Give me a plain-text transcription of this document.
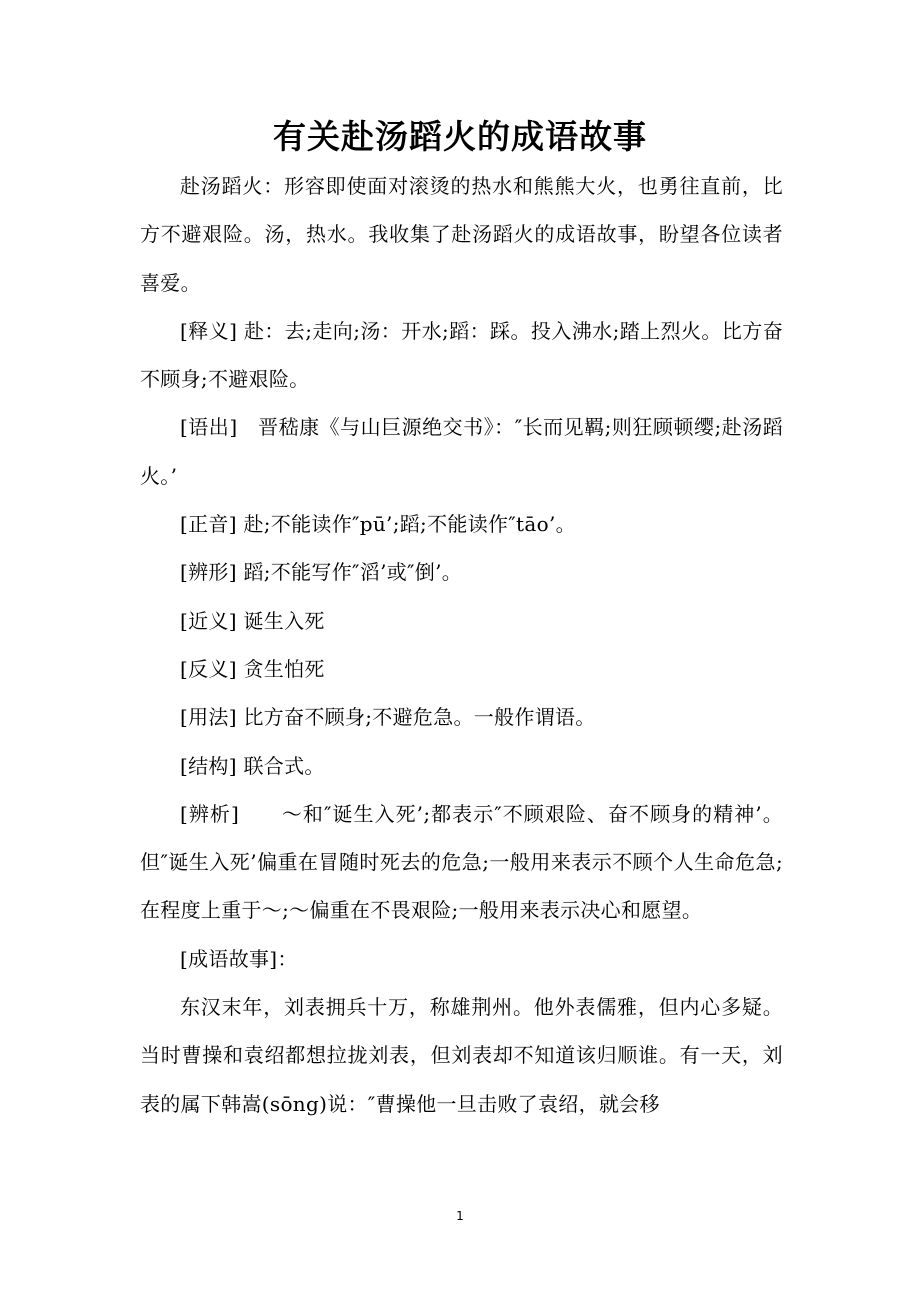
有关赴汤蹈火的成语故事

赴汤蹈火：形容即使面对滚烫的热水和熊熊大火，也勇往直前，比方不避艰险。汤，热水。我收集了赴汤蹈火的成语故事，盼望各位读者喜爱。

[释义] 赴：去;走向;汤：开水;蹈：踩。投入沸水;踏上烈火。比方奋不顾身;不避艰险。

[语出]　晋嵇康《与山巨源绝交书》：″长而见羁;则狂顾顿缨;赴汤蹈火。’

[正音] 赴;不能读作″pū’;蹈;不能读作″tāo’。

[辨形] 蹈;不能写作″滔’或″倒’。

[近义] 诞生入死

[反义] 贪生怕死

[用法] 比方奋不顾身;不避危急。一般作谓语。

[结构] 联合式。

[辨析]　　～和″诞生入死’;都表示″不顾艰险、奋不顾身的精神’。但″诞生入死’偏重在冒随时死去的危急;一般用来表示不顾个人生命危急;在程度上重于～;～偏重在不畏艰险;一般用来表示决心和愿望。

[成语故事]：

东汉末年，刘表拥兵十万，称雄荆州。他外表儒雅，但内心多疑。当时曹操和袁绍都想拉拢刘表，但刘表却不知道该归顺谁。有一天，刘表的属下韩嵩(sōng)说：″曹操他一旦击败了袁绍，就会移

1
